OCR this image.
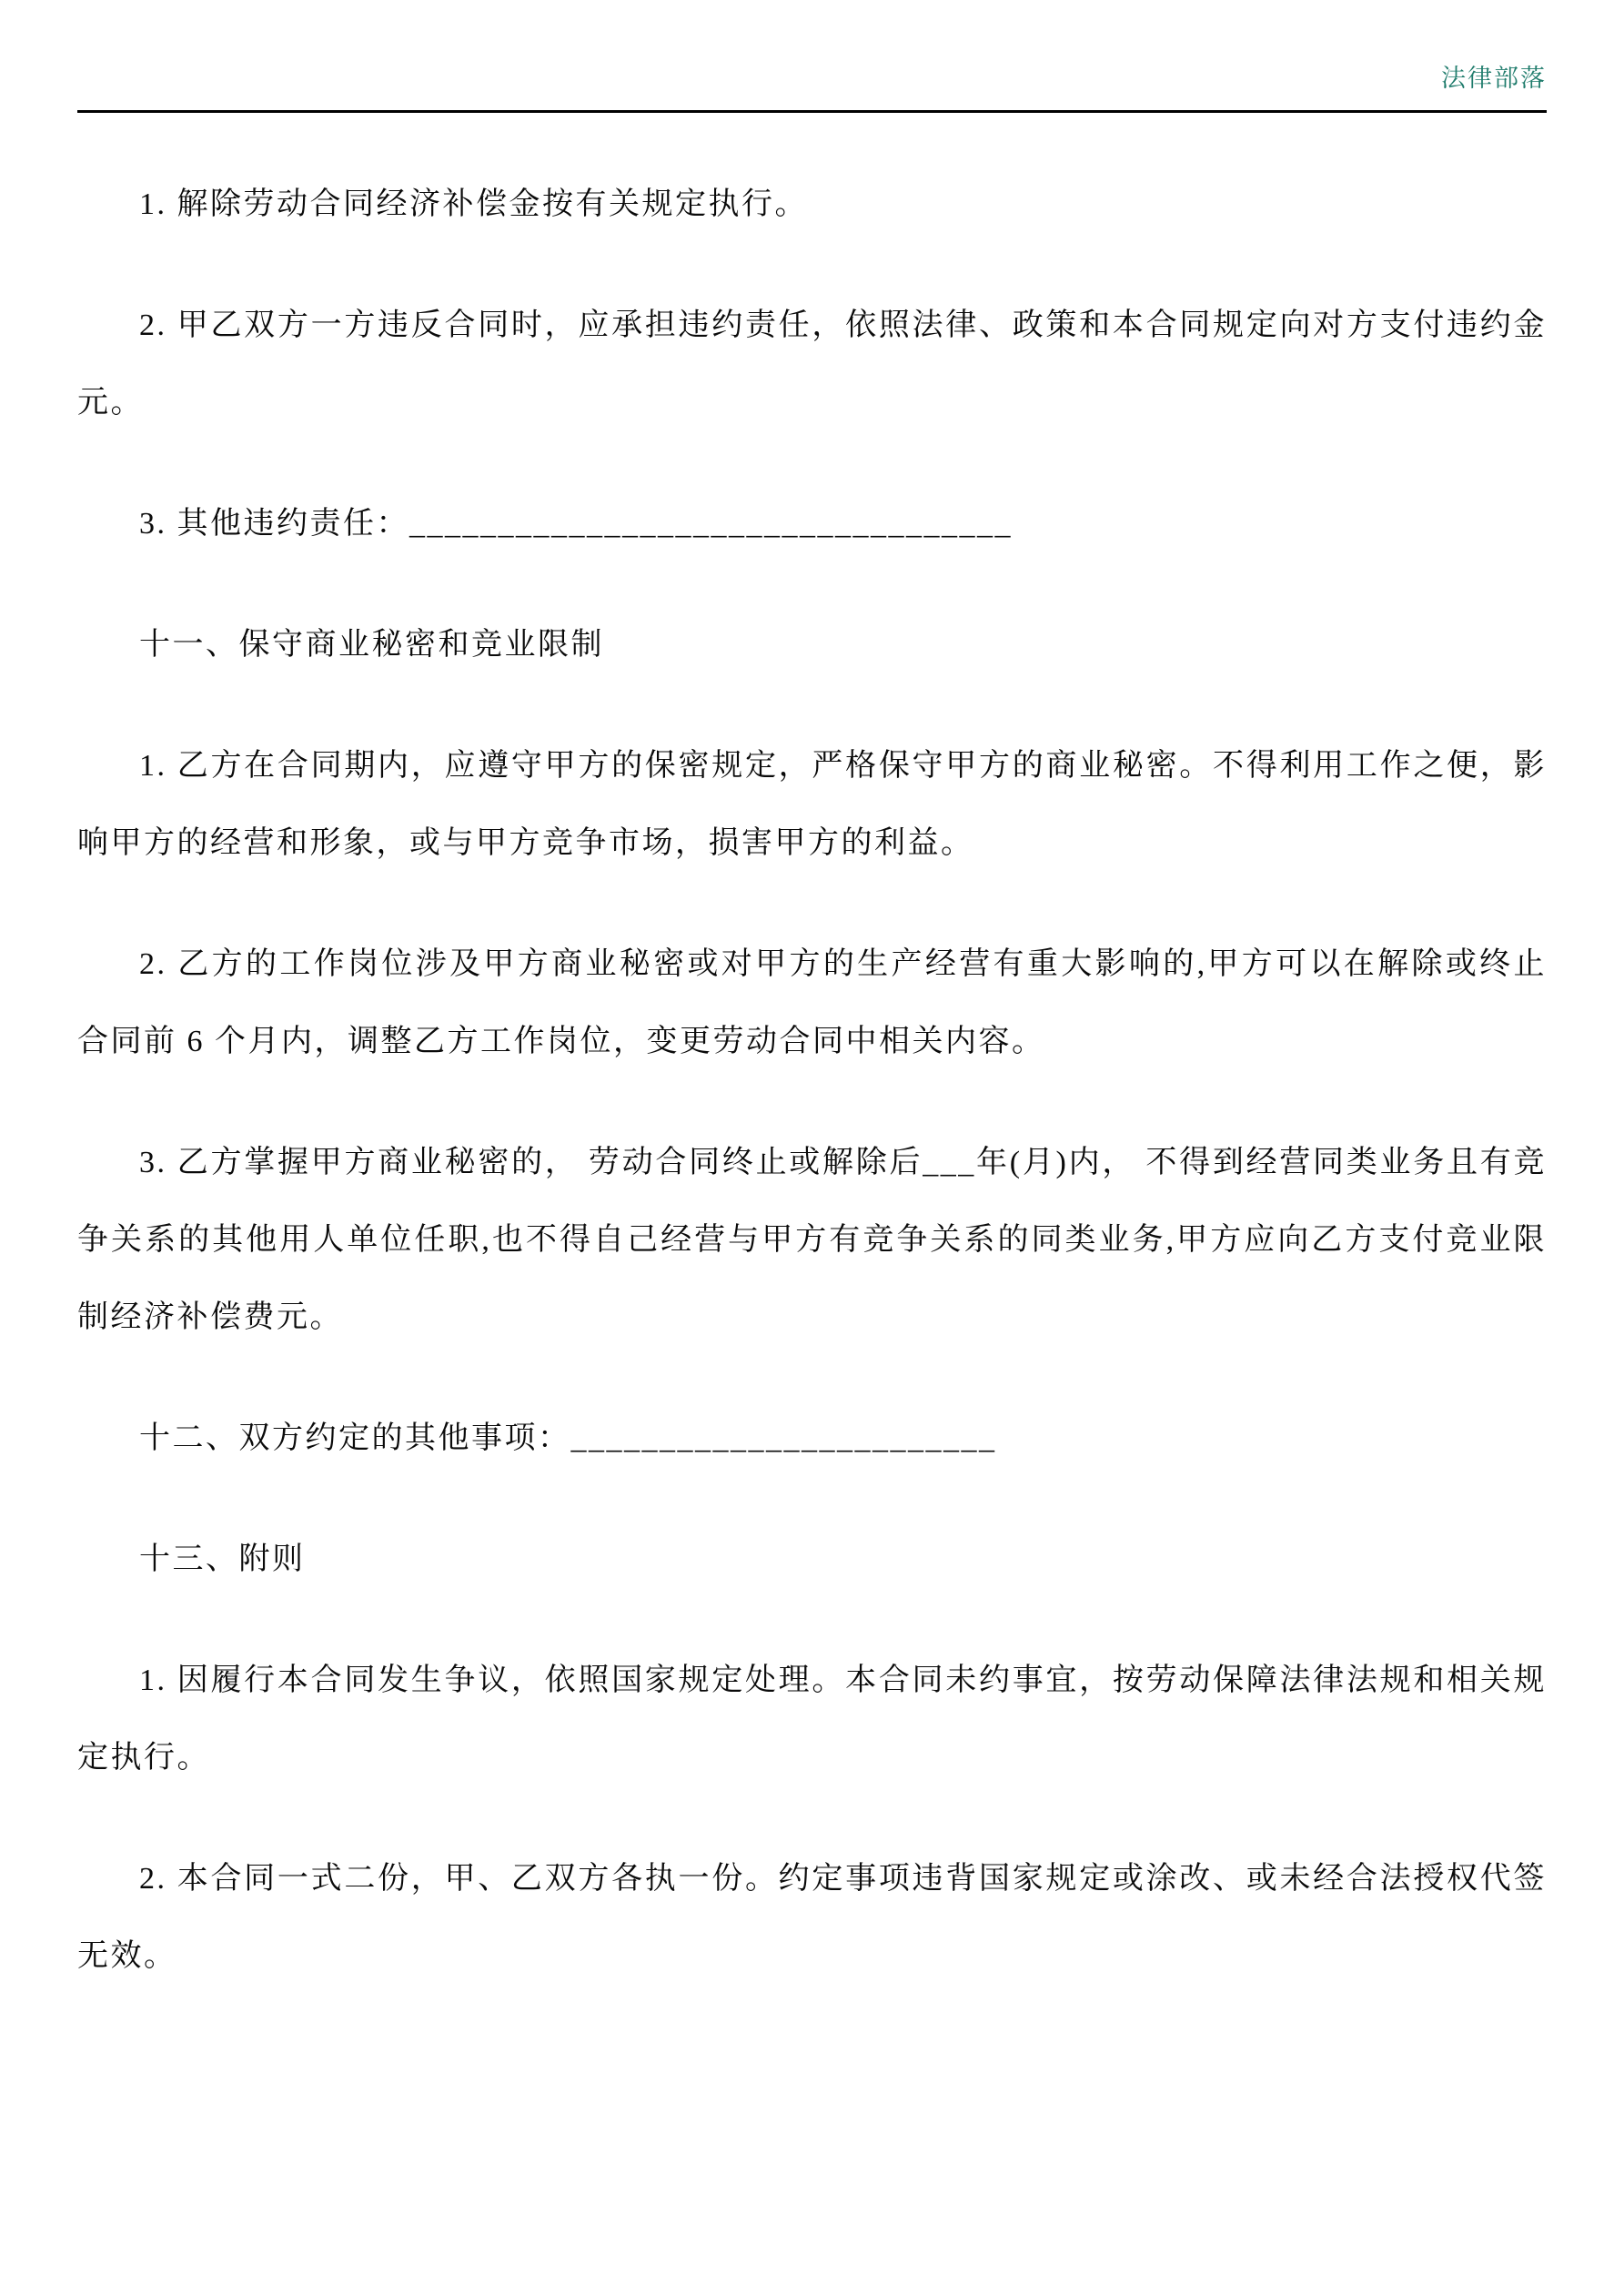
法律部落

1. 解除劳动合同经济补偿金按有关规定执行。

2. 甲乙双方一方违反合同时，应承担违约责任，依照法律、政策和本合同规定向对方支付违约金元。

3. 其他违约责任：__________________________________

十一、保守商业秘密和竞业限制

1. 乙方在合同期内，应遵守甲方的保密规定，严格保守甲方的商业秘密。不得利用工作之便，影响甲方的经营和形象，或与甲方竞争市场，损害甲方的利益。

2. 乙方的工作岗位涉及甲方商业秘密或对甲方的生产经营有重大影响的,甲方可以在解除或终止合同前 6 个月内，调整乙方工作岗位，变更劳动合同中相关内容。

3. 乙方掌握甲方商业秘密的， 劳动合同终止或解除后___年(月)内， 不得到经营同类业务且有竞争关系的其他用人单位任职,也不得自己经营与甲方有竞争关系的同类业务,甲方应向乙方支付竞业限制经济补偿费元。

十二、双方约定的其他事项：________________________

十三、附则

1. 因履行本合同发生争议，依照国家规定处理。本合同未约事宜，按劳动保障法律法规和相关规定执行。

2. 本合同一式二份，甲、乙双方各执一份。约定事项违背国家规定或涂改、或未经合法授权代签无效。
